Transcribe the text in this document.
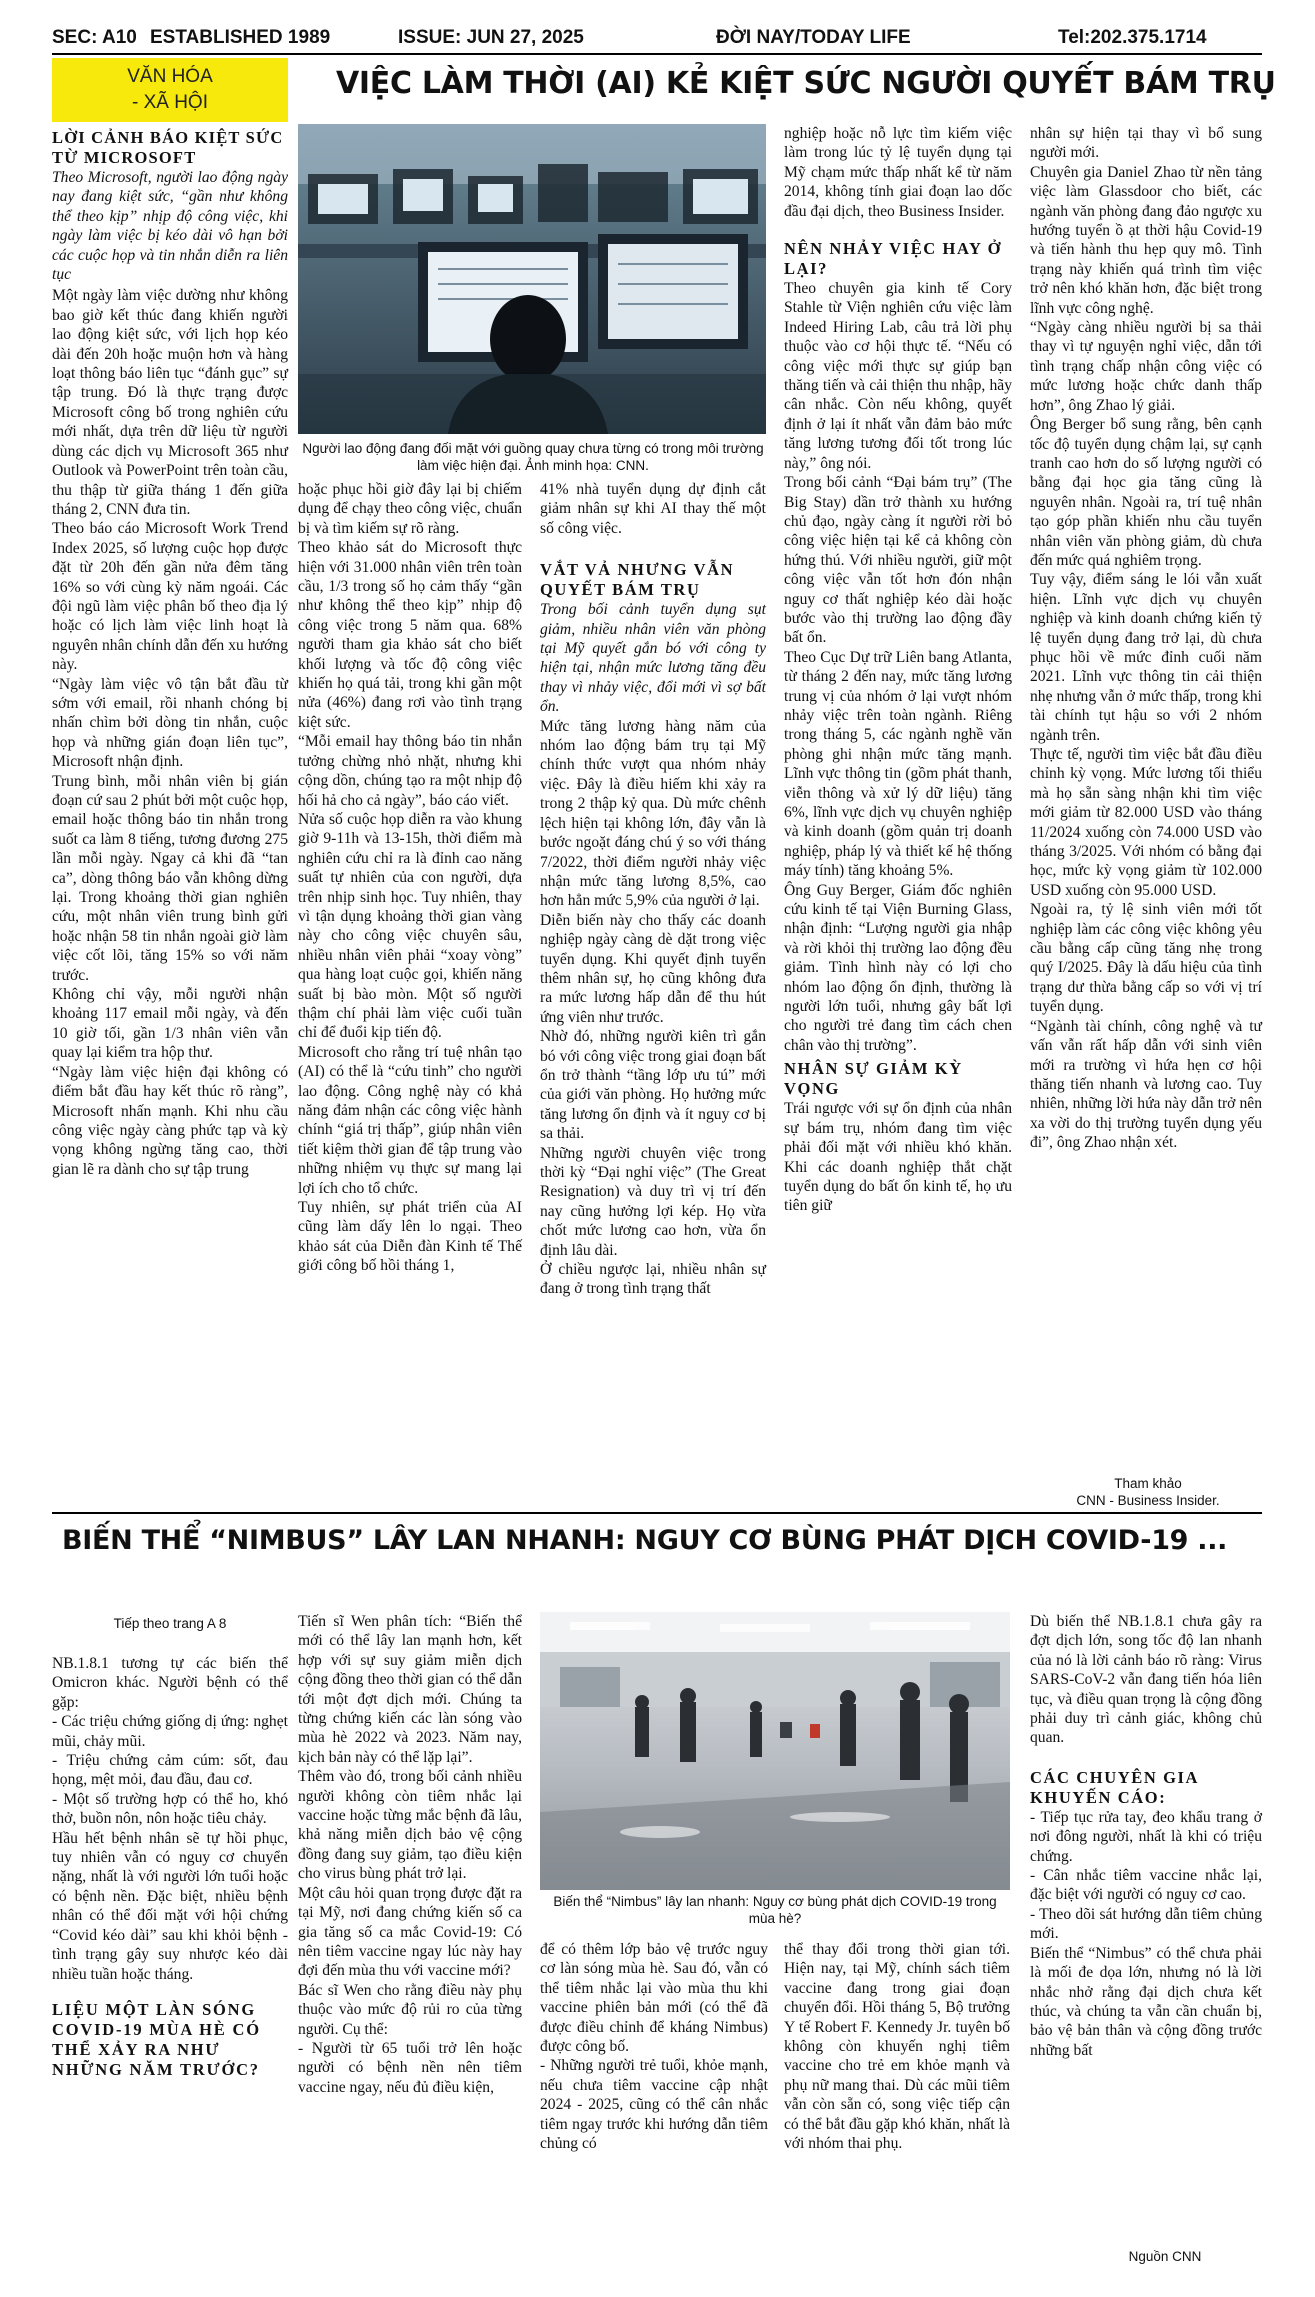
SEC: A10 ESTABLISHED 1989	ISSUE: JUN 27, 2025	ĐỜI NAY/TODAY LIFE	Tel:202.375.1714
VĂN HÓA
- XÃ HỘI
VIỆC LÀM THỜI (AI) KẺ KIỆT SỨC NGƯỜI QUYẾT BÁM TRỤ
Người lao động đang đối mặt với guồng quay chưa từng có trong môi trường làm việc hiện đại. Ảnh minh họa: CNN.

LỜI CẢNH BÁO KIỆT SỨC TỪ MICROSOFT

Theo Microsoft, người lao động ngày nay đang kiệt sức, “gần như không thể theo kịp” nhịp độ công việc, khi ngày làm việc bị kéo dài vô hạn bởi các cuộc họp và tin nhắn diễn ra liên tục

Một ngày làm việc dường như không bao giờ kết thúc đang khiến người lao động kiệt sức, với lịch họp kéo dài đến 20h hoặc muộn hơn và hàng loạt thông báo liên tục “đánh gục” sự tập trung. Đó là thực trạng được Microsoft công bố trong nghiên cứu mới nhất, dựa trên dữ liệu từ người dùng các dịch vụ Microsoft 365 như Outlook và PowerPoint trên toàn cầu, thu thập từ giữa tháng 1 đến giữa tháng 2, CNN đưa tin.

Theo báo cáo Microsoft Work Trend Index 2025, số lượng cuộc họp được đặt từ 20h đến gần nửa đêm tăng 16% so với cùng kỳ năm ngoái. Các đội ngũ làm việc phân bố theo địa lý hoặc có lịch làm việc linh hoạt là nguyên nhân chính dẫn đến xu hướng này.

“Ngày làm việc vô tận bắt đầu từ sớm với email, rồi nhanh chóng bị nhấn chìm bởi dòng tin nhắn, cuộc họp và những gián đoạn liên tục”, Microsoft nhận định.

Trung bình, mỗi nhân viên bị gián đoạn cứ sau 2 phút bởi một cuộc họp, email hoặc thông báo tin nhắn trong suốt ca làm 8 tiếng, tương đương 275 lần mỗi ngày. Ngay cả khi đã “tan ca”, dòng thông báo vẫn không dừng lại. Trong khoảng thời gian nghiên cứu, một nhân viên trung bình gửi hoặc nhận 58 tin nhắn ngoài giờ làm việc cốt lõi, tăng 15% so với năm trước.

Không chỉ vậy, mỗi người nhận khoảng 117 email mỗi ngày, và đến 10 giờ tối, gần 1/3 nhân viên vẫn quay lại kiểm tra hộp thư.

“Ngày làm việc hiện đại không có điểm bắt đầu hay kết thúc rõ ràng”, Microsoft nhấn mạnh. Khi nhu cầu công việc ngày càng phức tạp và kỳ vọng không ngừng tăng cao, thời gian lẽ ra dành cho sự tập trung

hoặc phục hồi giờ đây lại bị chiếm dụng để chạy theo công việc, chuẩn bị và tìm kiếm sự rõ ràng.

Theo khảo sát do Microsoft thực hiện với 31.000 nhân viên trên toàn cầu, 1/3 trong số họ cảm thấy “gần như không thể theo kịp” nhịp độ công việc trong 5 năm qua. 68% người tham gia khảo sát cho biết khối lượng và tốc độ công việc khiến họ quá tải, trong khi gần một nửa (46%) đang rơi vào tình trạng kiệt sức.

“Mỗi email hay thông báo tin nhắn tưởng chừng nhỏ nhặt, nhưng khi cộng dồn, chúng tạo ra một nhịp độ hối hả cho cả ngày”, báo cáo viết.

Nửa số cuộc họp diễn ra vào khung giờ 9-11h và 13-15h, thời điểm mà nghiên cứu chỉ ra là đỉnh cao năng suất tự nhiên của con người, dựa trên nhịp sinh học. Tuy nhiên, thay vì tận dụng khoảng thời gian vàng này cho công việc chuyên sâu, nhiều nhân viên phải “xoay vòng” qua hàng loạt cuộc gọi, khiến năng suất bị bào mòn. Một số người thậm chí phải làm việc cuối tuần chỉ để đuổi kịp tiến độ.

Microsoft cho rằng trí tuệ nhân tạo (AI) có thể là “cứu tinh” cho người lao động. Công nghệ này có khả năng đảm nhận các công việc hành chính “giá trị thấp”, giúp nhân viên tiết kiệm thời gian để tập trung vào những nhiệm vụ thực sự mang lại lợi ích cho tổ chức.

Tuy nhiên, sự phát triển của AI cũng làm dấy lên lo ngại. Theo khảo sát của Diễn đàn Kinh tế Thế giới công bố hồi tháng 1,

41% nhà tuyển dụng dự định cắt giảm nhân sự khi AI thay thế một số công việc.

VẮT VẢ NHƯNG VẪN QUYẾT BÁM TRỤ

Trong bối cảnh tuyển dụng sụt giảm, nhiều nhân viên văn phòng tại Mỹ quyết gắn bó với công ty hiện tại, nhận mức lương tăng đều thay vì nhảy việc, đổi mới vì sợ bất ổn.

Mức tăng lương hàng năm của nhóm lao động bám trụ tại Mỹ chính thức vượt qua nhóm nhảy việc. Đây là điều hiếm khi xảy ra trong 2 thập kỷ qua. Dù mức chênh lệch hiện tại không lớn, đây vẫn là bước ngoặt đáng chú ý so với tháng 7/2022, thời điểm người nhảy việc nhận mức tăng lương 8,5%, cao hơn hẳn mức 5,9% của người ở lại.

Diễn biến này cho thấy các doanh nghiệp ngày càng dè dặt trong việc tuyển dụng. Khi quyết định tuyển thêm nhân sự, họ cũng không đưa ra mức lương hấp dẫn để thu hút ứng viên như trước.

Nhờ đó, những người kiên trì gắn bó với công việc trong giai đoạn bất ổn trở thành “tầng lớp ưu tú” mới của giới văn phòng. Họ hưởng mức tăng lương ổn định và ít nguy cơ bị sa thải.

Những người chuyên việc trong thời kỳ “Đại nghỉ việc” (The Great Resignation) và duy trì vị trí đến nay cũng hưởng lợi kép. Họ vừa chốt mức lương cao hơn, vừa ổn định lâu dài.

Ở chiều ngược lại, nhiều nhân sự đang ở trong tình trạng thất

nghiệp hoặc nỗ lực tìm kiếm việc làm trong lúc tỷ lệ tuyển dụng tại Mỹ chạm mức thấp nhất kể từ năm 2014, không tính giai đoạn lao dốc đầu đại dịch, theo Business Insider.

NÊN NHẢY VIỆC HAY Ở LẠI?

Theo chuyên gia kinh tế Cory Stahle từ Viện nghiên cứu việc làm Indeed Hiring Lab, câu trả lời phụ thuộc vào cơ hội thực tế. “Nếu có công việc mới thực sự giúp bạn thăng tiến và cải thiện thu nhập, hãy cân nhắc. Còn nếu không, quyết định ở lại ít nhất vẫn đảm bảo mức tăng lương tương đối tốt trong lúc này,” ông nói.

Trong bối cảnh “Đại bám trụ” (The Big Stay) dần trở thành xu hướng chủ đạo, ngày càng ít người rời bỏ công việc hiện tại kể cả không còn hứng thú. Với nhiều người, giữ một công việc vẫn tốt hơn đón nhận nguy cơ thất nghiệp kéo dài hoặc bước vào thị trường lao động đầy bất ổn.

Theo Cục Dự trữ Liên bang Atlanta, từ tháng 2 đến nay, mức tăng lương trung vị của nhóm ở lại vượt nhóm nhảy việc trên toàn ngành. Riêng trong tháng 5, các ngành nghề văn phòng ghi nhận mức tăng mạnh. Lĩnh vực thông tin (gồm phát thanh, viễn thông và xử lý dữ liệu) tăng 6%, lĩnh vực dịch vụ chuyên nghiệp và kinh doanh (gồm quản trị doanh nghiệp, pháp lý và thiết kế hệ thống máy tính) tăng khoảng 5%.

Ông Guy Berger, Giám đốc nghiên cứu kinh tế tại Viện Burning Glass, nhận định: “Lượng người gia nhập và rời khỏi thị trường lao động đều giảm. Tình hình này có lợi cho nhóm lao động ổn định, thường là người lớn tuổi, nhưng gây bất lợi cho người trẻ đang tìm cách chen chân vào thị trường”.

NHÂN SỰ GIẢM KỲ VỌNG

Trái ngược với sự ổn định của nhân sự bám trụ, nhóm đang tìm việc phải đối mặt với nhiều khó khăn. Khi các doanh nghiệp thắt chặt tuyển dụng do bất ổn kinh tế, họ ưu tiên giữ

nhân sự hiện tại thay vì bổ sung người mới.

Chuyên gia Daniel Zhao từ nền tảng việc làm Glassdoor cho biết, các ngành văn phòng đang đảo ngược xu hướng tuyển ồ ạt thời hậu Covid-19 và tiến hành thu hẹp quy mô. Tình trạng này khiến quá trình tìm việc trở nên khó khăn hơn, đặc biệt trong lĩnh vực công nghệ.

“Ngày càng nhiều người bị sa thải thay vì tự nguyện nghỉ việc, dẫn tới tình trạng chấp nhận công việc có mức lương hoặc chức danh thấp hơn”, ông Zhao lý giải.

Ông Berger bổ sung rằng, bên cạnh tốc độ tuyển dụng chậm lại, sự cạnh tranh cao hơn do số lượng người có bằng đại học gia tăng cũng là nguyên nhân. Ngoài ra, trí tuệ nhân tạo góp phần khiến nhu cầu tuyển nhân viên văn phòng giảm, dù chưa đến mức quá nghiêm trọng.

Tuy vậy, điểm sáng le lói vẫn xuất hiện. Lĩnh vực dịch vụ chuyên nghiệp và kinh doanh chứng kiến tỷ lệ tuyển dụng đang trở lại, dù chưa phục hồi về mức đỉnh cuối năm 2021. Lĩnh vực thông tin cải thiện nhẹ nhưng vẫn ở mức thấp, trong khi tài chính tụt hậu so với 2 nhóm ngành trên.

Thực tế, người tìm việc bắt đầu điều chỉnh kỳ vọng. Mức lương tối thiểu mà họ sẵn sàng nhận khi tìm việc mới giảm từ 82.000 USD vào tháng 11/2024 xuống còn 74.000 USD vào tháng 3/2025. Với nhóm có bằng đại học, mức kỳ vọng giảm từ 102.000 USD xuống còn 95.000 USD.

Ngoài ra, tỷ lệ sinh viên mới tốt nghiệp làm các công việc không yêu cầu bằng cấp cũng tăng nhẹ trong quý I/2025. Đây là dấu hiệu của tình trạng dư thừa bằng cấp so với vị trí tuyển dụng.

“Ngành tài chính, công nghệ và tư vấn vẫn rất hấp dẫn với sinh viên mới ra trường vì hứa hẹn cơ hội thăng tiến nhanh và lương cao. Tuy nhiên, những lời hứa này dẫn trở nên xa vời do thị trường tuyển dụng yếu đi”, ông Zhao nhận xét.

Tham khảo
CNN - Business Insider.
BIẾN THỂ “NIMBUS” LÂY LAN NHANH: NGUY CƠ BÙNG PHÁT DỊCH COVID-19 ...
Tiếp theo trang A 8
Biến thể “Nimbus” lây lan nhanh: Nguy cơ bùng phát dịch COVID-19 trong mùa hè?

NB.1.8.1 tương tự các biến thể Omicron khác. Người bệnh có thể gặp:

- Các triệu chứng giống dị ứng: nghẹt mũi, chảy mũi.

- Triệu chứng cảm cúm: sốt, đau họng, mệt mỏi, đau đầu, đau cơ.

- Một số trường hợp có thể ho, khó thở, buồn nôn, nôn hoặc tiêu chảy.

Hầu hết bệnh nhân sẽ tự hồi phục, tuy nhiên vẫn có nguy cơ chuyển nặng, nhất là với người lớn tuổi hoặc có bệnh nền. Đặc biệt, nhiều bệnh nhân có thể đối mặt với hội chứng “Covid kéo dài” sau khi khỏi bệnh - tình trạng gây suy nhược kéo dài nhiều tuần hoặc tháng.

LIỆU MỘT LÀN SÓNG COVID-19 MÙA HÈ CÓ THỂ XẢY RA NHƯ NHỮNG NĂM TRƯỚC?

Tiến sĩ Wen phân tích: “Biến thể mới có thể lây lan mạnh hơn, kết hợp với sự suy giảm miễn dịch cộng đồng theo thời gian có thể dẫn tới một đợt dịch mới. Chúng ta từng chứng kiến các làn sóng vào mùa hè 2022 và 2023. Năm nay, kịch bản này có thể lặp lại”.

Thêm vào đó, trong bối cảnh nhiều người không còn tiêm nhắc lại vaccine hoặc từng mắc bệnh đã lâu, khả năng miễn dịch bảo vệ cộng đồng đang suy giảm, tạo điều kiện cho virus bùng phát trở lại.

Một câu hỏi quan trọng được đặt ra tại Mỹ, nơi đang chứng kiến số ca gia tăng số ca mắc Covid-19: Có nên tiêm vaccine ngay lúc này hay đợi đến mùa thu với vaccine mới?

Bác sĩ Wen cho rằng điều này phụ thuộc vào mức độ rủi ro của từng người. Cụ thể:

- Người từ 65 tuổi trở lên hoặc người có bệnh nền nên tiêm vaccine ngay, nếu đủ điều kiện,

để có thêm lớp bảo vệ trước nguy cơ làn sóng mùa hè. Sau đó, vẫn có thể tiêm nhắc lại vào mùa thu khi vaccine phiên bản mới (có thể đã được điều chỉnh để kháng Nimbus) được công bố.

- Những người trẻ tuổi, khỏe mạnh, nếu chưa tiêm vaccine cập nhật 2024 - 2025, cũng có thể cân nhắc tiêm ngay trước khi hướng dẫn tiêm chủng có

thể thay đổi trong thời gian tới. Hiện nay, tại Mỹ, chính sách tiêm vaccine đang trong giai đoạn chuyển đổi. Hồi tháng 5, Bộ trưởng Y tế Robert F. Kennedy Jr. tuyên bố không còn khuyến nghị tiêm vaccine cho trẻ em khỏe mạnh và phụ nữ mang thai. Dù các mũi tiêm vẫn còn sẵn có, song việc tiếp cận có thể bắt đầu gặp khó khăn, nhất là với nhóm thai phụ.

Dù biến thể NB.1.8.1 chưa gây ra đợt dịch lớn, song tốc độ lan nhanh của nó là lời cảnh báo rõ ràng: Virus SARS-CoV-2 vẫn đang tiến hóa liên tục, và điều quan trọng là cộng đồng phải duy trì cảnh giác, không chủ quan.

CÁC CHUYÊN GIA KHUYẾN CÁO:

- Tiếp tục rửa tay, đeo khẩu trang ở nơi đông người, nhất là khi có triệu chứng.

- Cân nhắc tiêm vaccine nhắc lại, đặc biệt với người có nguy cơ cao.

- Theo dõi sát hướng dẫn tiêm chủng mới.

Biến thể “Nimbus” có thể chưa phải là mối đe dọa lớn, nhưng nó là lời nhắc nhở rằng đại dịch chưa kết thúc, và chúng ta vẫn cần chuẩn bị, bảo vệ bản thân và cộng đồng trước những bất

Nguồn CNN
